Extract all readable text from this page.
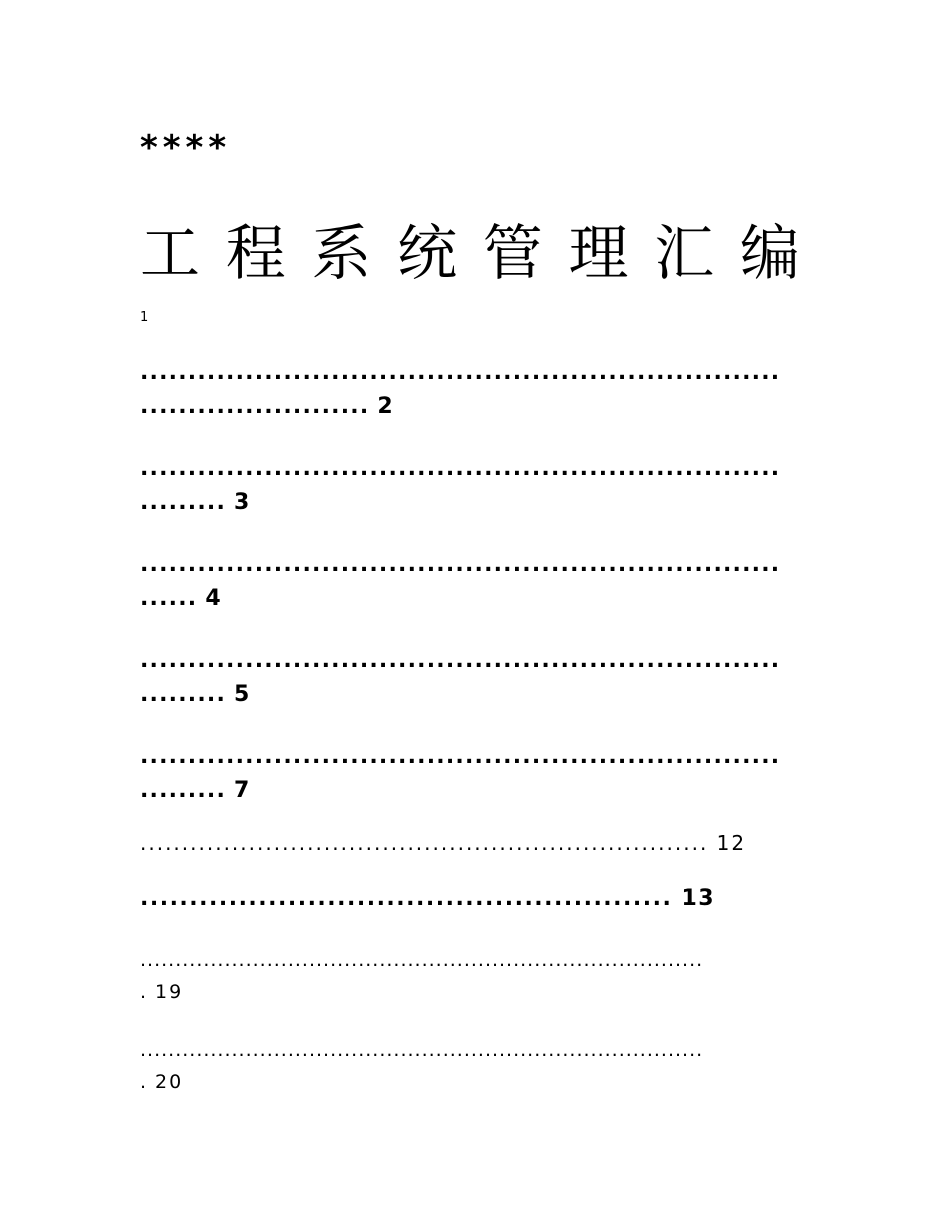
****
工 程 系 统 管 理 汇 编
1
...................................................................
........................ 2
...................................................................
......... 3
...................................................................
...... 4
...................................................................
......... 5
...................................................................
......... 7
.................................................................... 12
...................................................... 13
................................................................................
. 19
................................................................................
. 20
